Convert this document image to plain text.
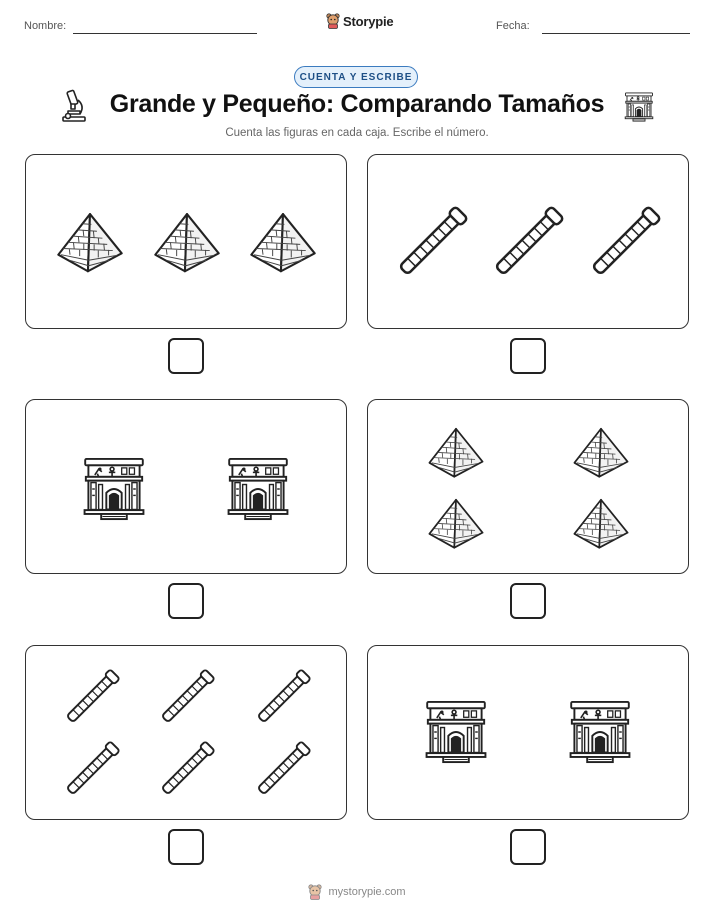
Nombre:	Storypie	Fecha:
CUENTA Y ESCRIBE
Grande y Pequeño: Comparando Tamaños
Cuenta las figuras en cada caja. Escribe el número.
mystorypie.com
